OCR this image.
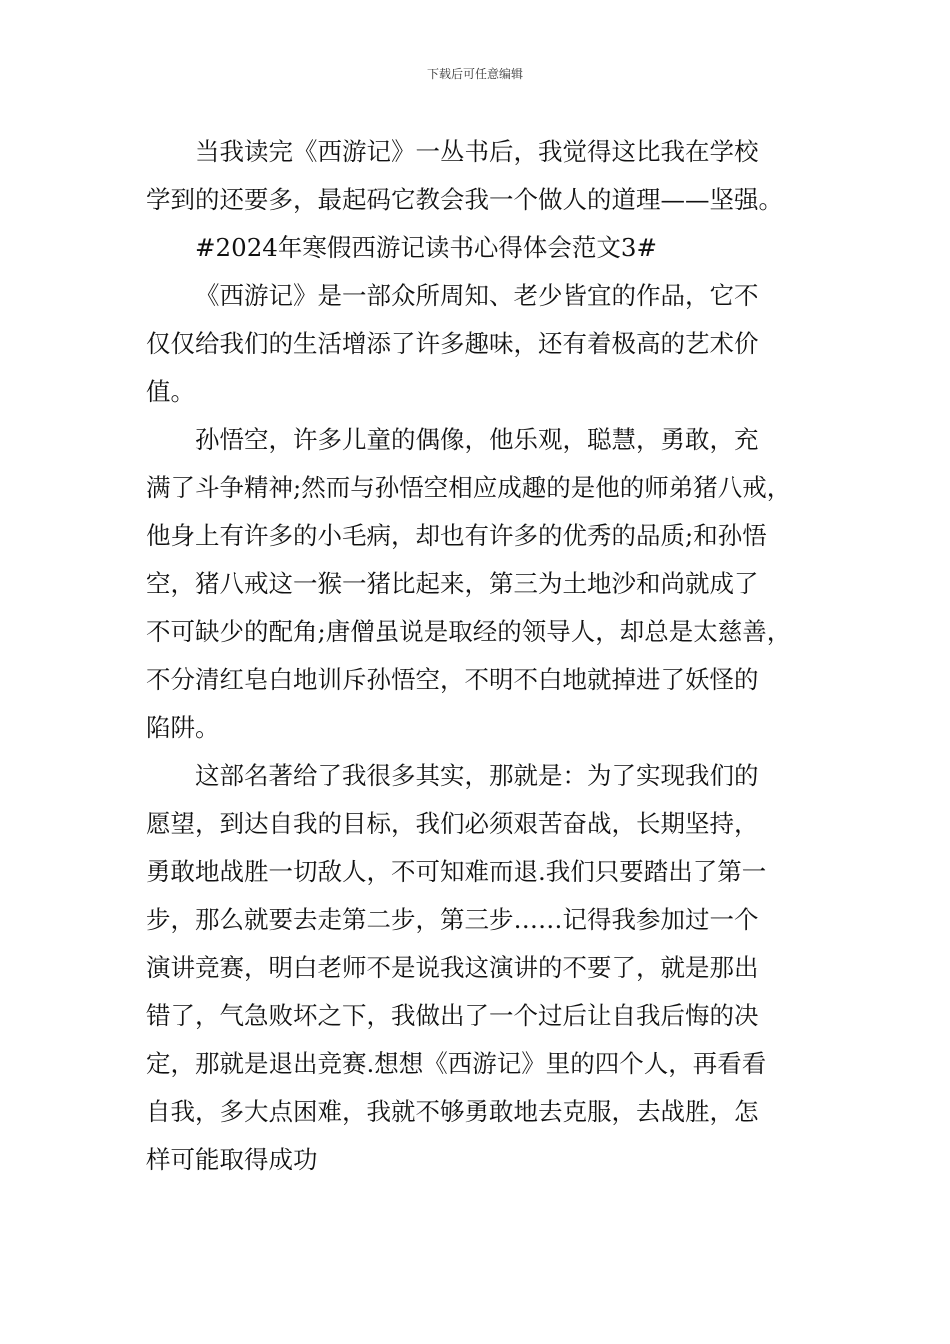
下载后可任意编辑
当我读完《西游记》一丛书后，我觉得这比我在学校
学到的还要多，最起码它教会我一个做人的道理——坚强。
#2024年寒假西游记读书心得体会范文3#
《西游记》是一部众所周知、老少皆宜的作品，它不
仅仅给我们的生活增添了许多趣味，还有着极高的艺术价
值。
孙悟空，许多儿童的偶像，他乐观，聪慧，勇敢，充
满了斗争精神;然而与孙悟空相应成趣的是他的师弟猪八戒，
他身上有许多的小毛病，却也有许多的优秀的品质;和孙悟
空，猪八戒这一猴一猪比起来，第三为土地沙和尚就成了
不可缺少的配角;唐僧虽说是取经的领导人，却总是太慈善，
不分清红皂白地训斥孙悟空，不明不白地就掉进了妖怪的
陷阱。
这部名著给了我很多其实，那就是：为了实现我们的
愿望，到达自我的目标，我们必须艰苦奋战，长期坚持，
勇敢地战胜一切敌人，不可知难而退.我们只要踏出了第一
步，那么就要去走第二步，第三步……记得我参加过一个
演讲竞赛，明白老师不是说我这演讲的不要了，就是那出
错了，气急败坏之下，我做出了一个过后让自我后悔的决
定，那就是退出竞赛.想想《西游记》里的四个人，再看看
自我，多大点困难，我就不够勇敢地去克服，去战胜，怎
样可能取得成功
